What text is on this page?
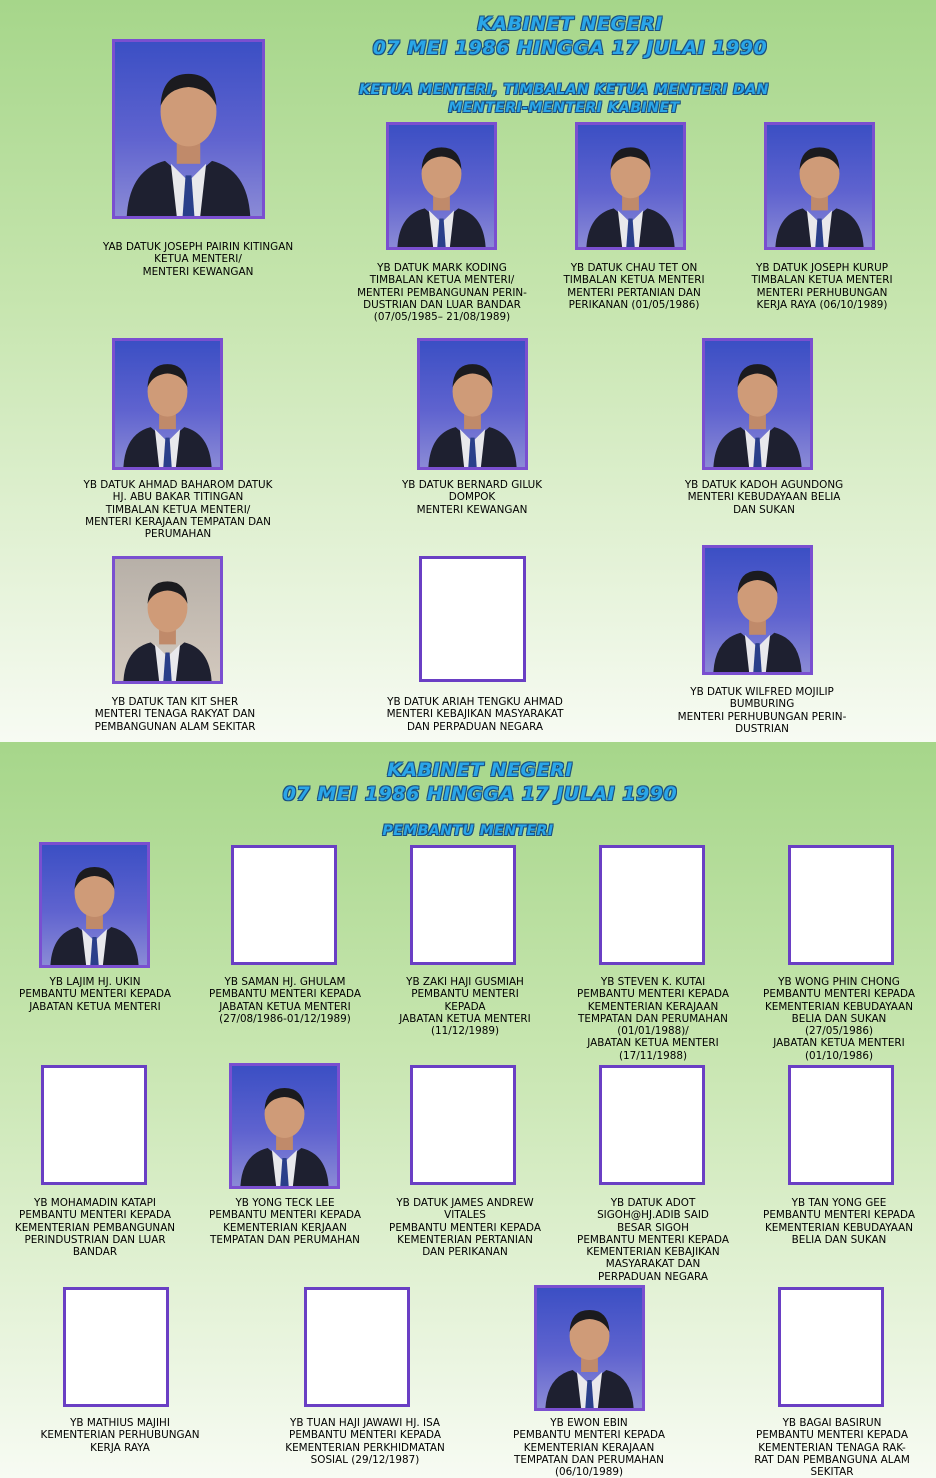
KABINET NEGERI
07 MEI 1986 HINGGA 17 JULAI 1990
KETUA MENTERI, TIMBALAN KETUA MENTERI DAN
MENTERI-MENTERI KABINET
YAB DATUK JOSEPH PAIRIN KITINGAN
KETUA MENTERI/
MENTERI KEWANGAN	YB DATUK MARK KODING
TIMBALAN KETUA MENTERI/
MENTERI PEMBANGUNAN PERIN-
DUSTRIAN DAN LUAR BANDAR
(07/05/1985– 21/08/1989)
YB DATUK CHAU TET ON
TIMBALAN KETUA MENTERI
MENTERI PERTANIAN DAN
PERIKANAN (01/05/1986)
YB DATUK JOSEPH KURUP
TIMBALAN KETUA MENTERI
MENTERI PERHUBUNGAN
KERJA RAYA (06/10/1989)
YB DATUK AHMAD BAHAROM DATUK
HJ. ABU BAKAR TITINGAN
TIMBALAN KETUA MENTERI/
MENTERI KERAJAAN TEMPATAN DAN
PERUMAHAN
YB DATUK BERNARD GILUK
DOMPOK
MENTERI KEWANGAN
YB DATUK KADOH AGUNDONG
MENTERI KEBUDAYAAN BELIA
DAN SUKAN
YB DATUK TAN KIT SHER
MENTERI TENAGA RAKYAT DAN
PEMBANGUNAN ALAM SEKITAR
YB DATUK ARIAH TENGKU AHMAD
MENTERI KEBAJIKAN MASYARAKAT
DAN PERPADUAN NEGARA
YB DATUK WILFRED MOJILIP
BUMBURING
MENTERI PERHUBUNGAN PERIN-
DUSTRIAN
KABINET NEGERI
07 MEI 1986 HINGGA 17 JULAI 1990
PEMBANTU MENTERI
YB LAJIM HJ. UKIN
PEMBANTU MENTERI KEPADA
JABATAN KETUA MENTERI
YB SAMAN HJ. GHULAM
PEMBANTU MENTERI KEPADA
JABATAN KETUA MENTERI
(27/08/1986-01/12/1989)
YB ZAKI HAJI GUSMIAH
PEMBANTU MENTERI
KEPADA
JABATAN KETUA MENTERI
(11/12/1989)
YB STEVEN K. KUTAI
PEMBANTU MENTERI KEPADA
KEMENTERIAN KERAJAAN
TEMPATAN DAN PERUMAHAN
(01/01/1988)/
JABATAN KETUA MENTERI
(17/11/1988)
YB WONG PHIN CHONG
PEMBANTU MENTERI KEPADA
KEMENTERIAN KEBUDAYAAN
BELIA DAN SUKAN
(27/05/1986)
JABATAN KETUA MENTERI
(01/10/1986)
YB MOHAMADIN KATAPI
PEMBANTU MENTERI KEPADA
KEMENTERIAN PEMBANGUNAN
PERINDUSTRIAN DAN LUAR
BANDAR
YB YONG TECK LEE
PEMBANTU MENTERI KEPADA
KEMENTERIAN KERJAAN
TEMPATAN DAN PERUMAHAN
YB DATUK JAMES ANDREW
VITALES
PEMBANTU MENTERI KEPADA
KEMENTERIAN PERTANIAN
DAN PERIKANAN
YB DATUK ADOT
SIGOH@HJ.ADIB SAID
BESAR SIGOH
PEMBANTU MENTERI KEPADA
KEMENTERIAN KEBAJIKAN
MASYARAKAT DAN
PERPADUAN NEGARA
YB TAN YONG GEE
PEMBANTU MENTERI KEPADA
KEMENTERIAN KEBUDAYAAN
BELIA DAN SUKAN
YB MATHIUS MAJIHI
KEMENTERIAN PERHUBUNGAN
KERJA RAYA
YB TUAN HAJI JAWAWI HJ. ISA
PEMBANTU MENTERI KEPADA
KEMENTERIAN PERKHIDMATAN
SOSIAL (29/12/1987)
YB EWON EBIN
PEMBANTU MENTERI KEPADA
KEMENTERIAN KERAJAAN
TEMPATAN DAN PERUMAHAN
(06/10/1989)
YB BAGAI BASIRUN
PEMBANTU MENTERI KEPADA
KEMENTERIAN TENAGA RAK-
RAT DAN PEMBANGUNA ALAM
SEKITAR
